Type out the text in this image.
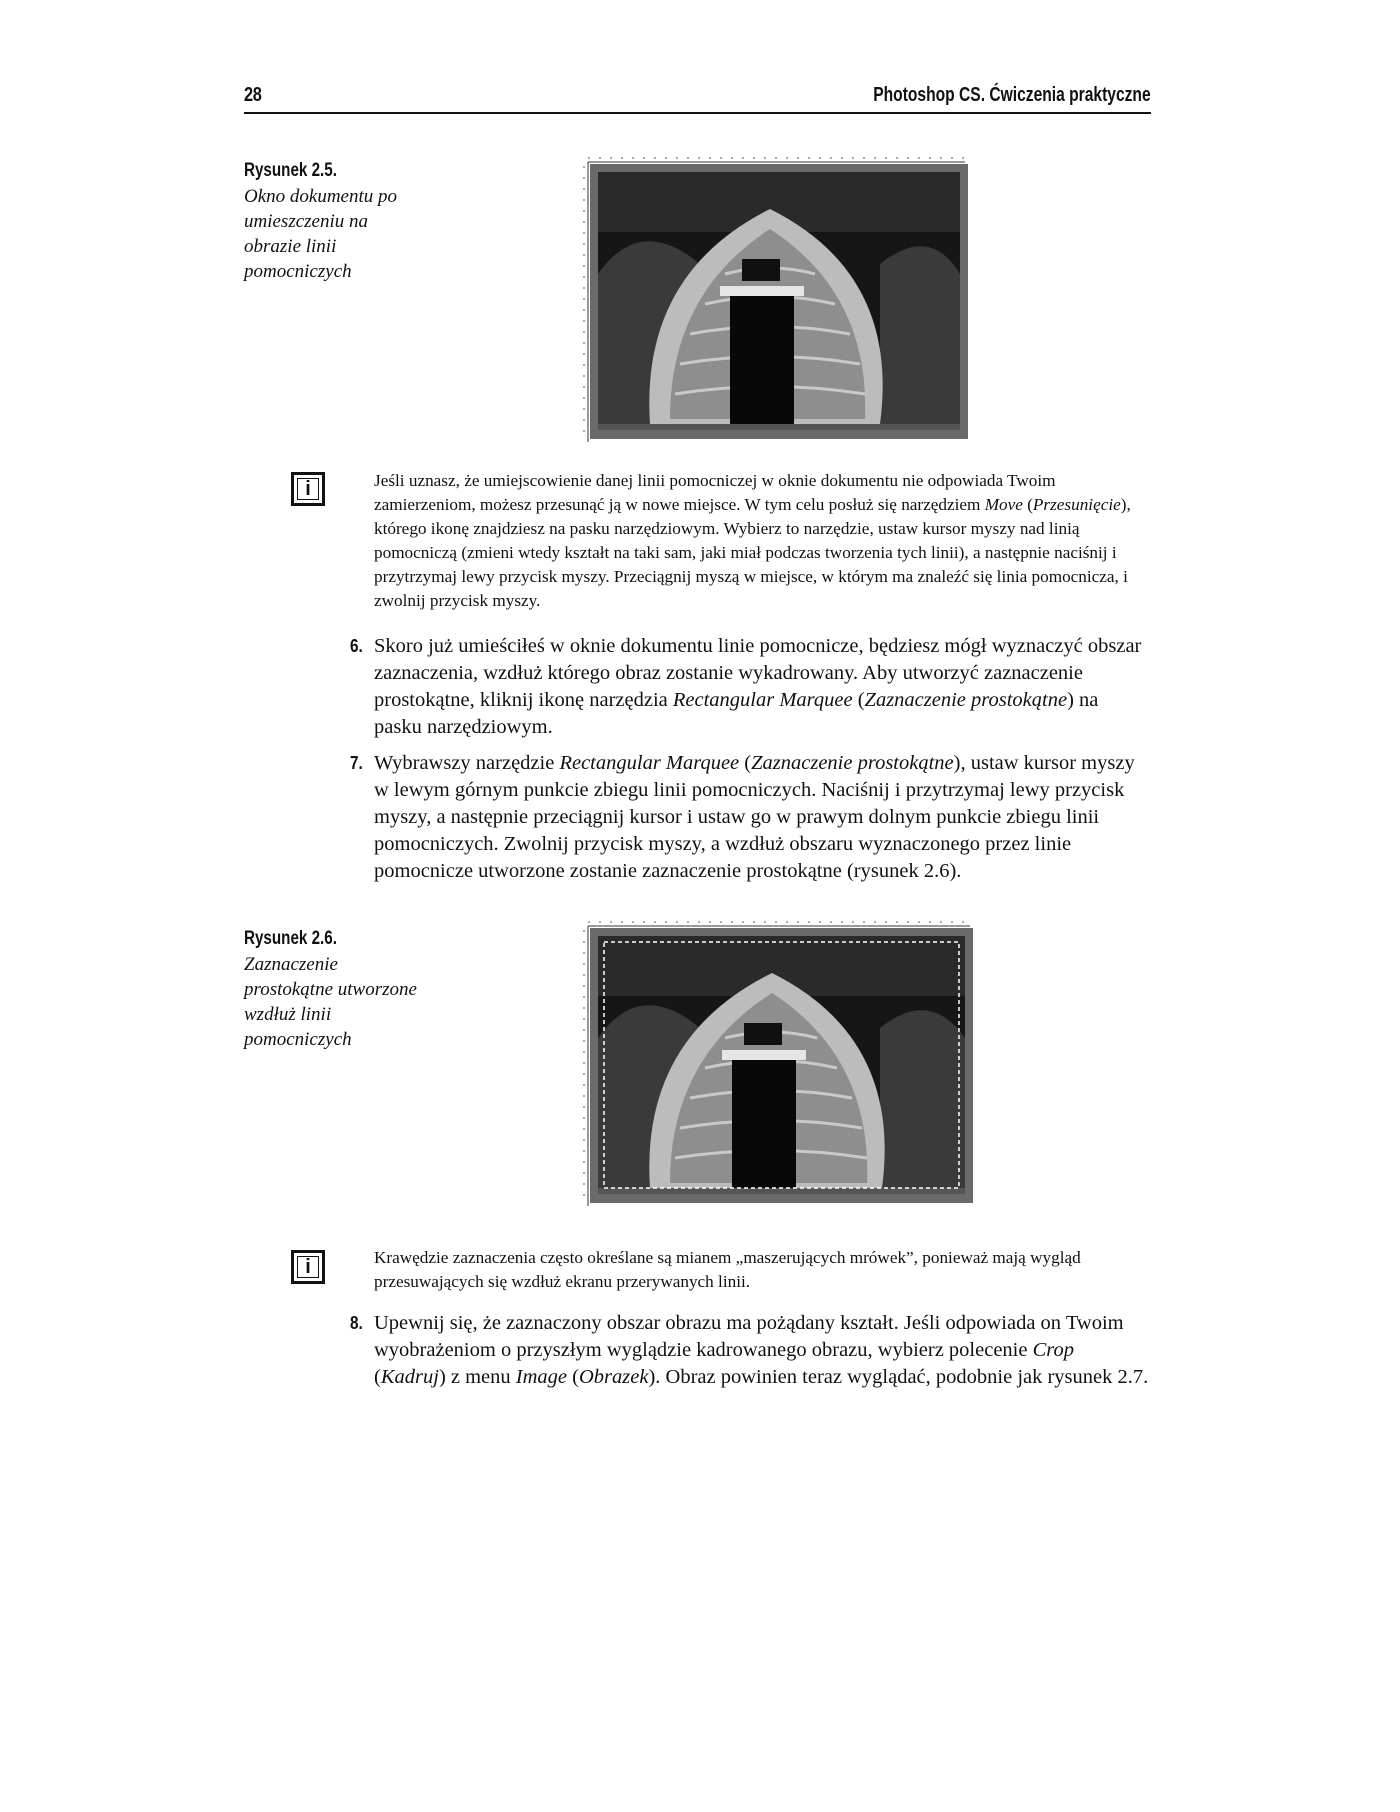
28	Photoshop CS. Ćwiczenia praktyczne
Rysunek 2.5.
Okno dokumentu po umieszczeniu na obrazie linii pomocniczych
i	Jeśli uznasz, że umiejscowienie danej linii pomocniczej w oknie dokumentu nie odpowiada Twoim zamierzeniom, możesz przesunąć ją w nowe miejsce. W tym celu posłuż się narzędziem Move (Przesunięcie), którego ikonę znajdziesz na pasku narzędziowym. Wybierz to narzędzie, ustaw kursor myszy nad linią pomocniczą (zmieni wtedy kształt na taki sam, jaki miał podczas tworzenia tych linii), a następnie naciśnij i przytrzymaj lewy przycisk myszy. Przeciągnij myszą w miejsce, w którym ma znaleźć się linia pomocnicza, i zwolnij przycisk myszy.

6. Skoro już umieściłeś w oknie dokumentu linie pomocnicze, będziesz mógł wyznaczyć obszar zaznaczenia, wzdłuż którego obraz zostanie wykadrowany. Aby utworzyć zaznaczenie prostokątne, kliknij ikonę narzędzia Rectangular Marquee (Zaznaczenie prostokątne) na pasku narzędziowym.
7. Wybrawszy narzędzie Rectangular Marquee (Zaznaczenie prostokątne), ustaw kursor myszy w lewym górnym punkcie zbiegu linii pomocniczych. Naciśnij i przytrzymaj lewy przycisk myszy, a następnie przeciągnij kursor i ustaw go w prawym dolnym punkcie zbiegu linii pomocniczych. Zwolnij przycisk myszy, a wzdłuż obszaru wyznaczonego przez linie pomocnicze utworzone zostanie zaznaczenie prostokątne (rysunek 2.6).
Rysunek 2.6.
Zaznaczenie prostokątne utworzone wzdłuż linii pomocniczych
i	Krawędzie zaznaczenia często określane są mianem „maszerujących mrówek”, ponieważ mają wygląd przesuwających się wzdłuż ekranu przerywanych linii.

8. Upewnij się, że zaznaczony obszar obrazu ma pożądany kształt. Jeśli odpowiada on Twoim wyobrażeniom o przyszłym wyglądzie kadrowanego obrazu, wybierz polecenie Crop (Kadruj) z menu Image (Obrazek). Obraz powinien teraz wyglądać, podobnie jak rysunek 2.7.
